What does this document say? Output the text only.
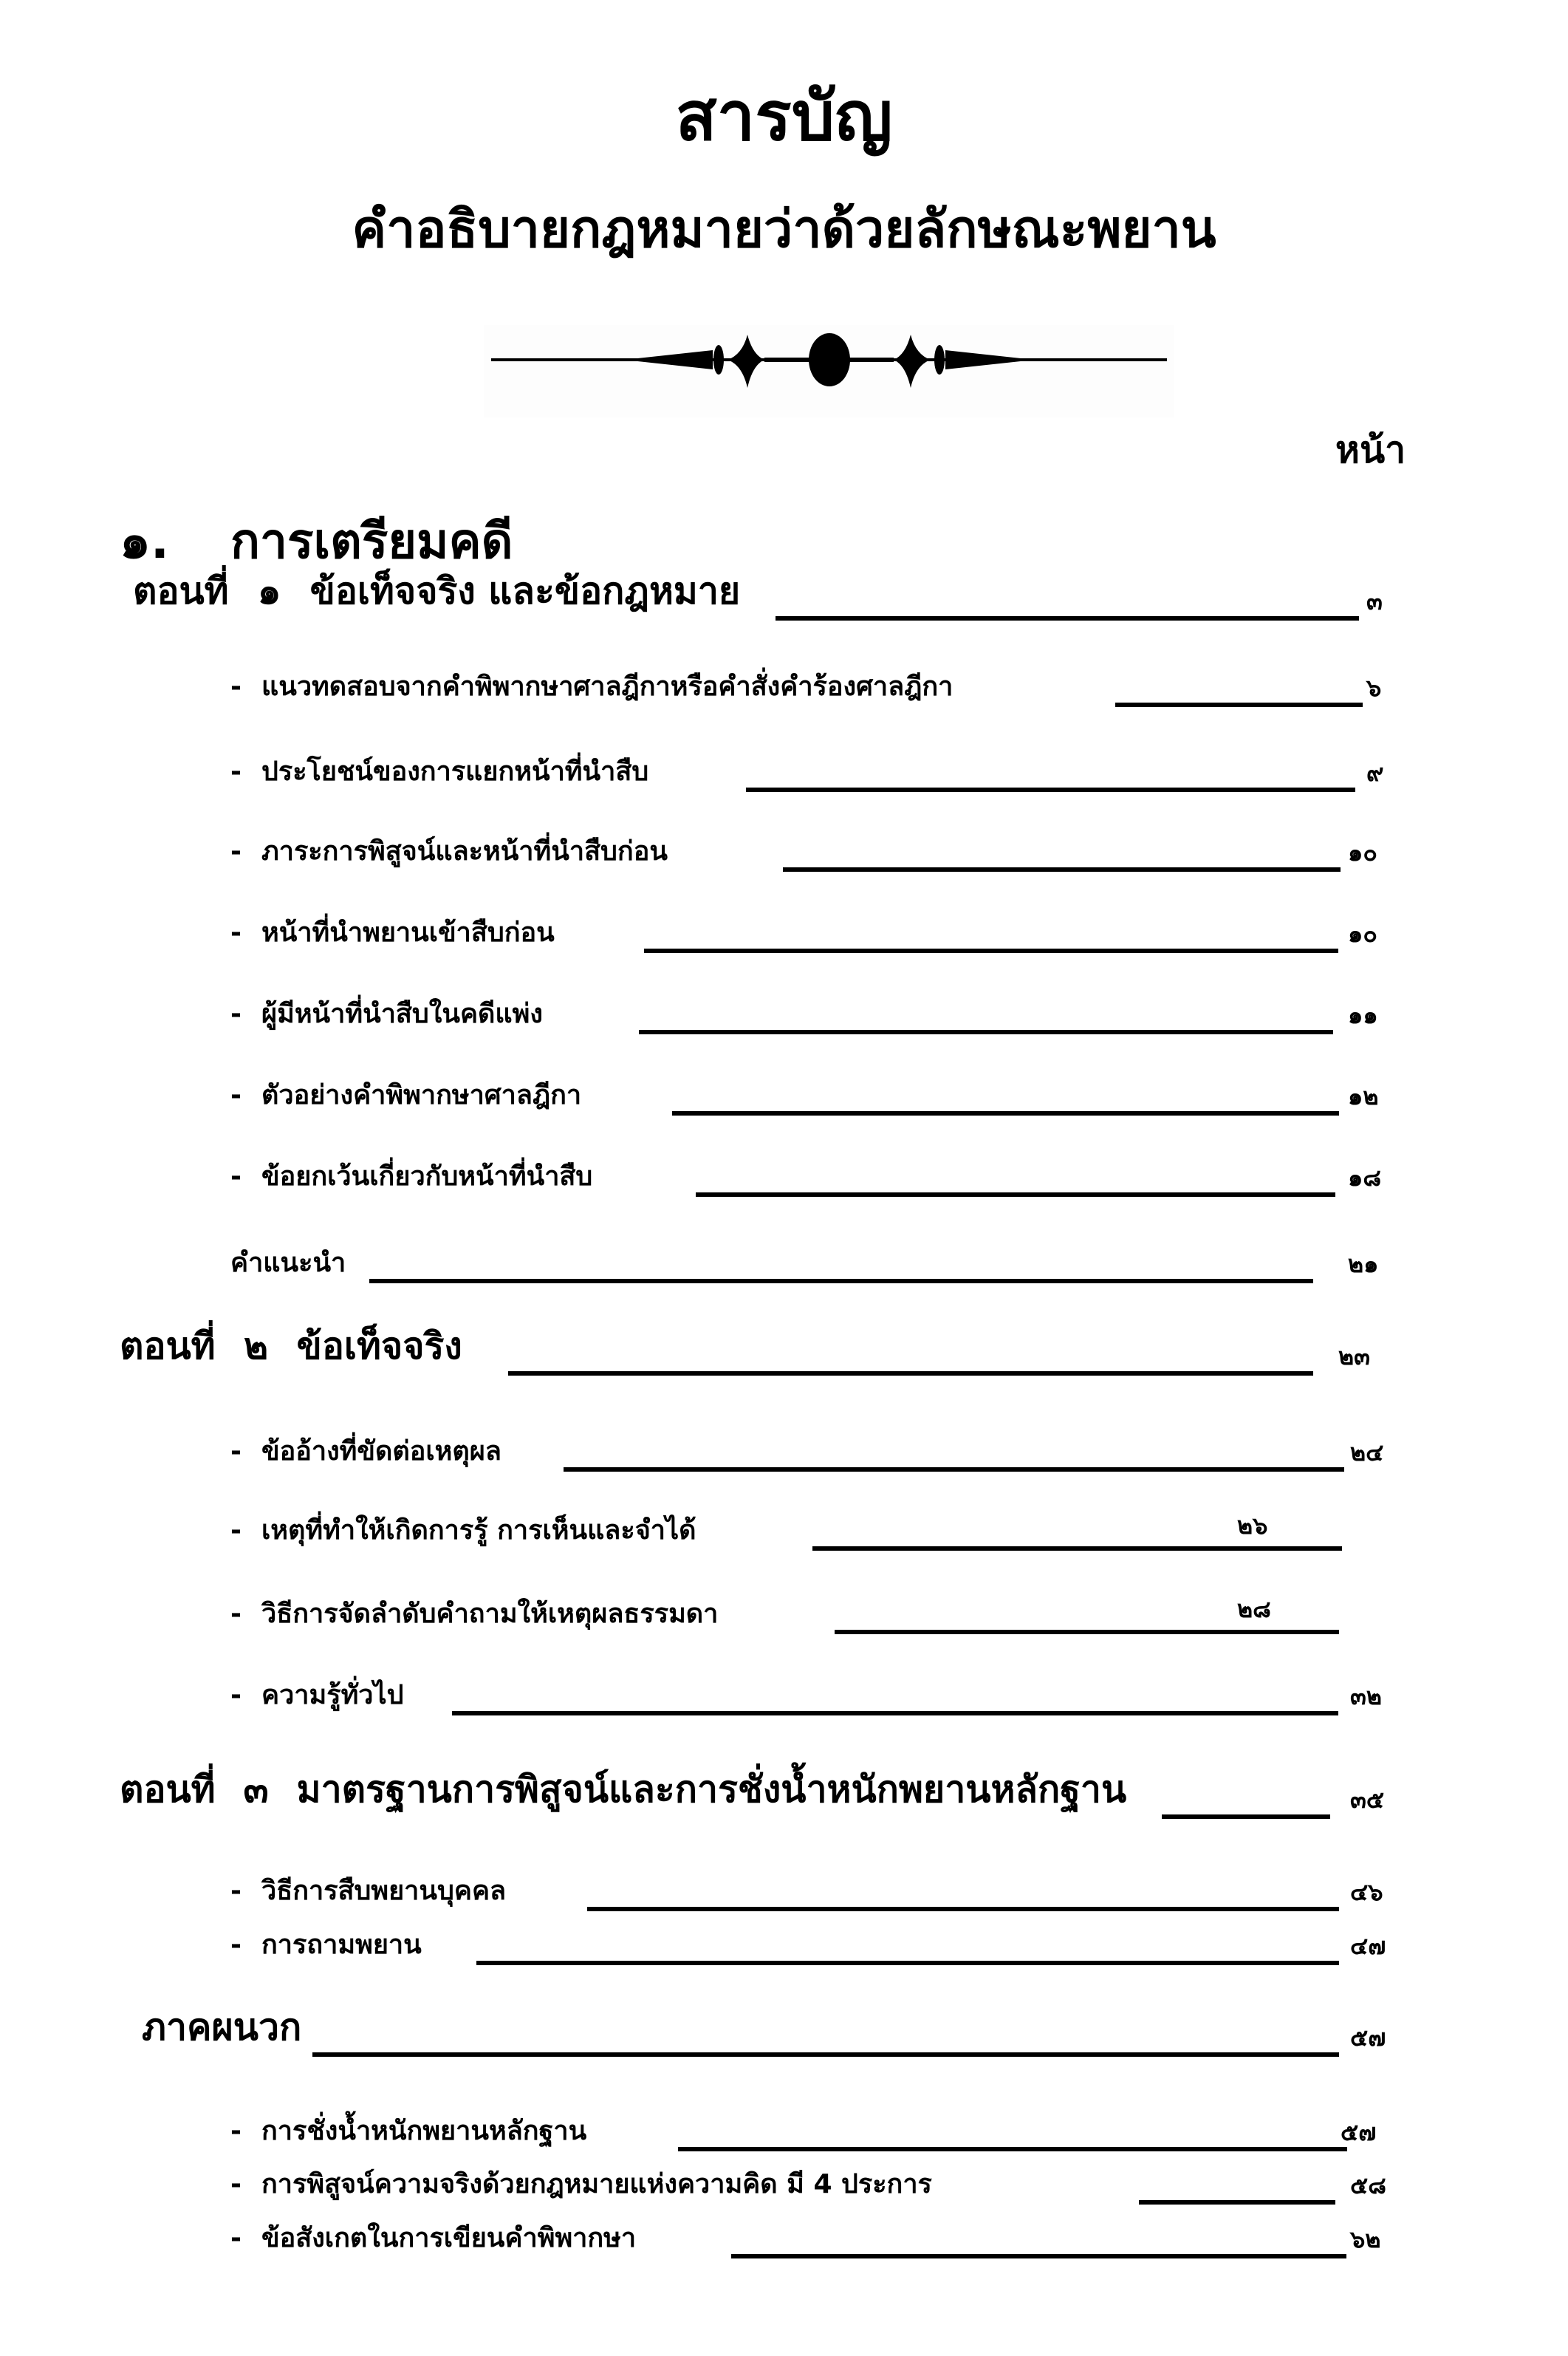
สารบัญ
คำอธิบายกฎหมายว่าด้วยลักษณะพยาน
หน้า
๑. การเตรียมคดี
ตอนที่ ๑ ข้อเท็จจริง และข้อกฎหมาย	๓
- แนวทดสอบจากคำพิพากษาศาลฎีกาหรือคำสั่งคำร้องศาลฎีกา	๖
- ประโยชน์ของการแยกหน้าที่นำสืบ	๙
- ภาระการพิสูจน์และหน้าที่นำสืบก่อน	๑๐
- หน้าที่นำพยานเข้าสืบก่อน	๑๐
- ผู้มีหน้าที่นำสืบในคดีแพ่ง	๑๑
- ตัวอย่างคำพิพากษาศาลฎีกา	๑๒
- ข้อยกเว้นเกี่ยวกับหน้าที่นำสืบ	๑๘
คำแนะนำ	๒๑
ตอนที่ ๒ ข้อเท็จจริง	๒๓
- ข้ออ้างที่ขัดต่อเหตุผล	๒๔
- เหตุที่ทำให้เกิดการรู้ การเห็นและจำได้	๒๖
- วิธีการจัดลำดับคำถามให้เหตุผลธรรมดา	๒๘
- ความรู้ทั่วไป	๓๒
ตอนที่ ๓ มาตรฐานการพิสูจน์และการชั่งน้ำหนักพยานหลักฐาน	๓๕
- วิธีการสืบพยานบุคคล	๔๖
- การถามพยาน	๔๗
ภาคผนวก	๕๗
- การชั่งน้ำหนักพยานหลักฐาน	๕๗
- การพิสูจน์ความจริงด้วยกฎหมายแห่งความคิด มี 4 ประการ	๕๘
- ข้อสังเกตในการเขียนคำพิพากษา	๖๒
